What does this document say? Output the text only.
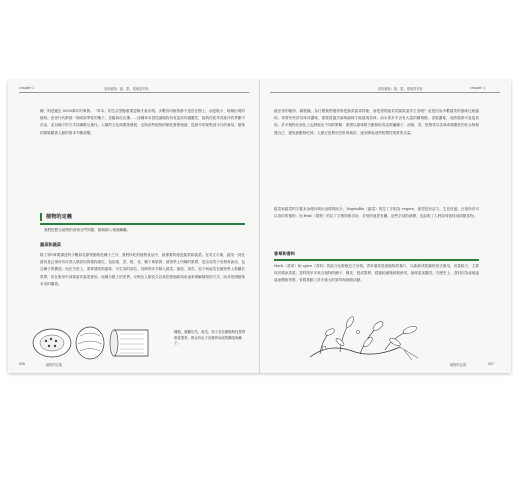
chapter 1	食用植物：蔬、果、根與香辛料
種，則是過去 5000萬年的事情。「草本」的生活型態重要更晚才會出現。多數食用植物都不是長在樹上，而是較小、較晚出現的植物。世世代代都被一個或兩季性的種子，並隨演化汰選……這種草本習性讓植物具有更高的適應性，能夠在乾旱或寒冷的季節中存活，並以種子的方式持續繁衍後代。人類的文化與農業發展，也與這些植物的馴化緊密相連，從最早的採集到今日的栽培，植物的樣貌隨著人類的需求不斷改變。
植物的定義
我們把肥合植物的食物分門別類，粗略歸入幾個範疇。
蔬菜和蔬菜
除了第1章要講述的少數如乳類等動物性種子之外，我們所吃的植物食品中，最重要的便是蔬菜和蔬菜。在英文字典，蔬菜一詞在最初是泛指所有可供人類食用的植物部位，包括葉、莖、根、花、種子與果實。植物學上所稱的果實，是由花的子房發育而成、包含種子的構造；而在烹飪上，果實通常指甜味、可生食的部位，其餘則多半歸入蔬菜。番茄、黃瓜、茄子與南瓜在植物學上都屬於果實，但在廚房中卻被當作蔬菜使用。這種分類上的差異，反映出人類長久以來依照風味與用途來理解植物的方式，而非依照植物本身的構造。
種植，就屬於瓜、南瓜、茄子及各類植物性果實都是果實，都含有由子房發育而成的構造與種子。
006	植物的定義
食用植物：蔬、果、根與香辛料	chapter 1
蔬至者的確別、碳根橘，為什麼我們通常都把蔬菜當菜料理，而把甜的蔬菜的蔬果當作生食呢？這是因為多數蔬菜的風味比較溫和，常帶有些許苦味或澀味，需要經過烹調與調味才能展現美味；而水果多半含有大量的糖與酸，香氣濃郁，成熟後即可直接食用。許多植物在演化上也發展出不同的策略：果實以甜味吸引動物取食並散播種子，而葉、莖、根則常以苦味或刺激性的化合物保護自己，避免被動物吃掉。人類正是利用烹飪與栽培，逐步降低這些防禦性物質的含量。
蔬菜和蔬菜的字彙本身便反映出這樣的區分，Vegetable（蔬菜）的拉丁字根為 vegere，意思是有活力、生長旺盛，泛指所有可以食用的植物；而 fruit（果實）的拉丁字根則與享用、享受的意思有關。這些字詞的演變，也說明了人們如何看待這兩類食物。
香草和香料
Herb（香草）和 spice（香料）的區分比較晚近才出現。香草通常是指植物的葉片，以新鮮或乾燥的形式使用，用量較少，主要用於增添香氣；香料則多半來自植物的種子、樹皮、根或果實，經過乾燥後研磨使用，風味更加濃烈。在歷史上，香料因為產地遙遠而價格昂貴，曾經推動了許多重大的貿易與探險活動。
植物的定義	007
